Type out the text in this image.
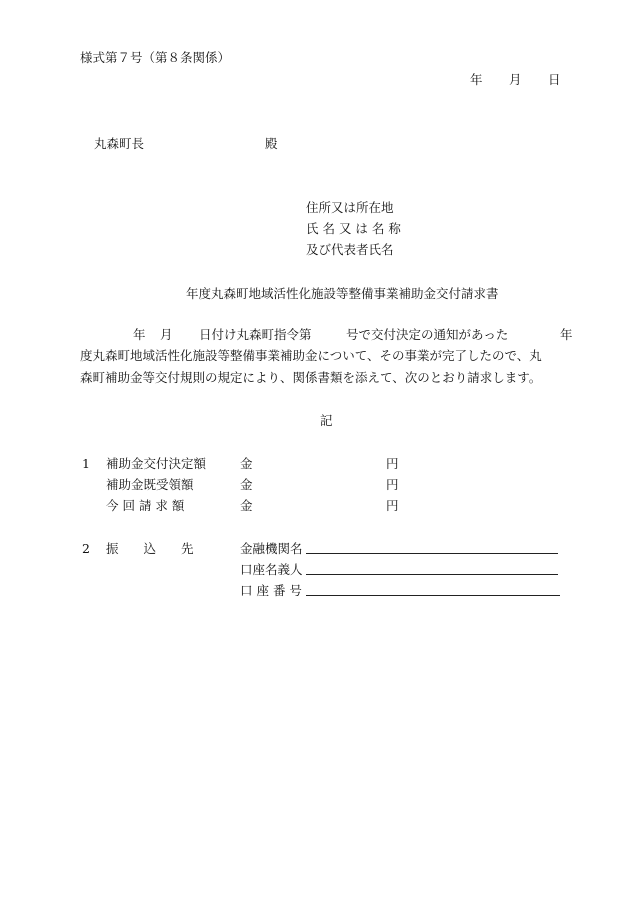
様式第７号（第８条関係）
年 月 日
丸森町長	殿
住所又は所在地
氏 名 又 は 名 称
及び代表者氏名
年度丸森町地域活性化施設等整備事業補助金交付請求書
年 月 日付け丸森町指令第	号で交付決定の通知があった	年
度丸森町地域活性化施設等整備事業補助金について、その事業が完了したので、丸
森町補助金等交付規則の規定により、関係書類を添えて、次のとおり請求します。
記
1 補助金交付決定額	金	円
補助金既受領額	金	円
今 回 請 求 額	金	円
2 振　　込　　先	金融機関名
口座名義人
口 座 番 号
